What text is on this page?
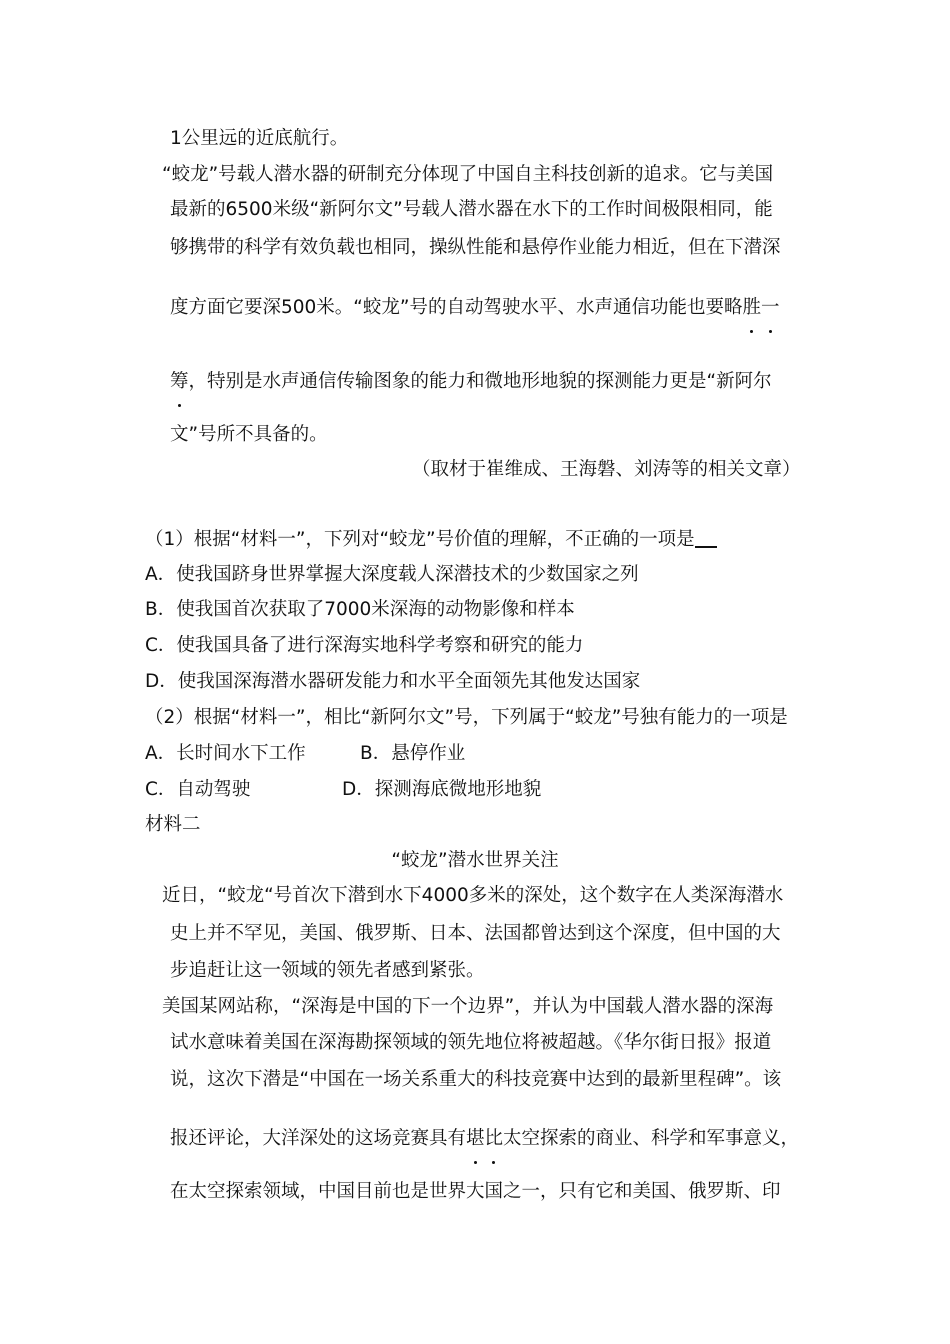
1公里远的近底航行。
“蛟龙”号载人潜水器的研制充分体现了中国自主科技创新的追求。它与美国
最新的6500米级“新阿尔文”号载人潜水器在水下的工作时间极限相同，能
够携带的科学有效负载也相同，操纵性能和悬停作业能力相近，但在下潜深
度方面它要深500米。“蛟龙”号的自动驾驶水平、水声通信功能也要略胜一
筹，特别是水声通信传输图象的能力和微地形地貌的探测能力更是“新阿尔
文”号所不具备的。
（取材于崔维成、王海磐、刘涛等的相关文章）
（1）根据“材料一”，下列对“蛟龙”号价值的理解，不正确的一项是
A．使我国跻身世界掌握大深度载人深潜技术的少数国家之列
B．使我国首次获取了7000米深海的动物影像和样本
C．使我国具备了进行深海实地科学考察和研究的能力
D．使我国深海潜水器研发能力和水平全面领先其他发达国家
（2）根据“材料一”，相比“新阿尔文”号，下列属于“蛟龙”号独有能力的一项是
A．长时间水下工作	B．悬停作业
C．自动驾驶	D．探测海底微地形地貌
材料二
“蛟龙”潜水世界关注
近日，“蛟龙“号首次下潜到水下4000多米的深处，这个数字在人类深海潜水
史上并不罕见，美国、俄罗斯、日本、法国都曾达到这个深度，但中国的大
步追赶让这一领域的领先者感到紧张。
美国某网站称，“深海是中国的下一个边界”，并认为中国载人潜水器的深海
试水意味着美国在深海勘探领域的领先地位将被超越。《华尔街日报》报道
说，这次下潜是“中国在一场关系重大的科技竞赛中达到的最新里程碑”。该
报还评论，大洋深处的这场竞赛具有堪比太空探索的商业、科学和军事意义，
在太空探索领域，中国目前也是世界大国之一，只有它和美国、俄罗斯、印
